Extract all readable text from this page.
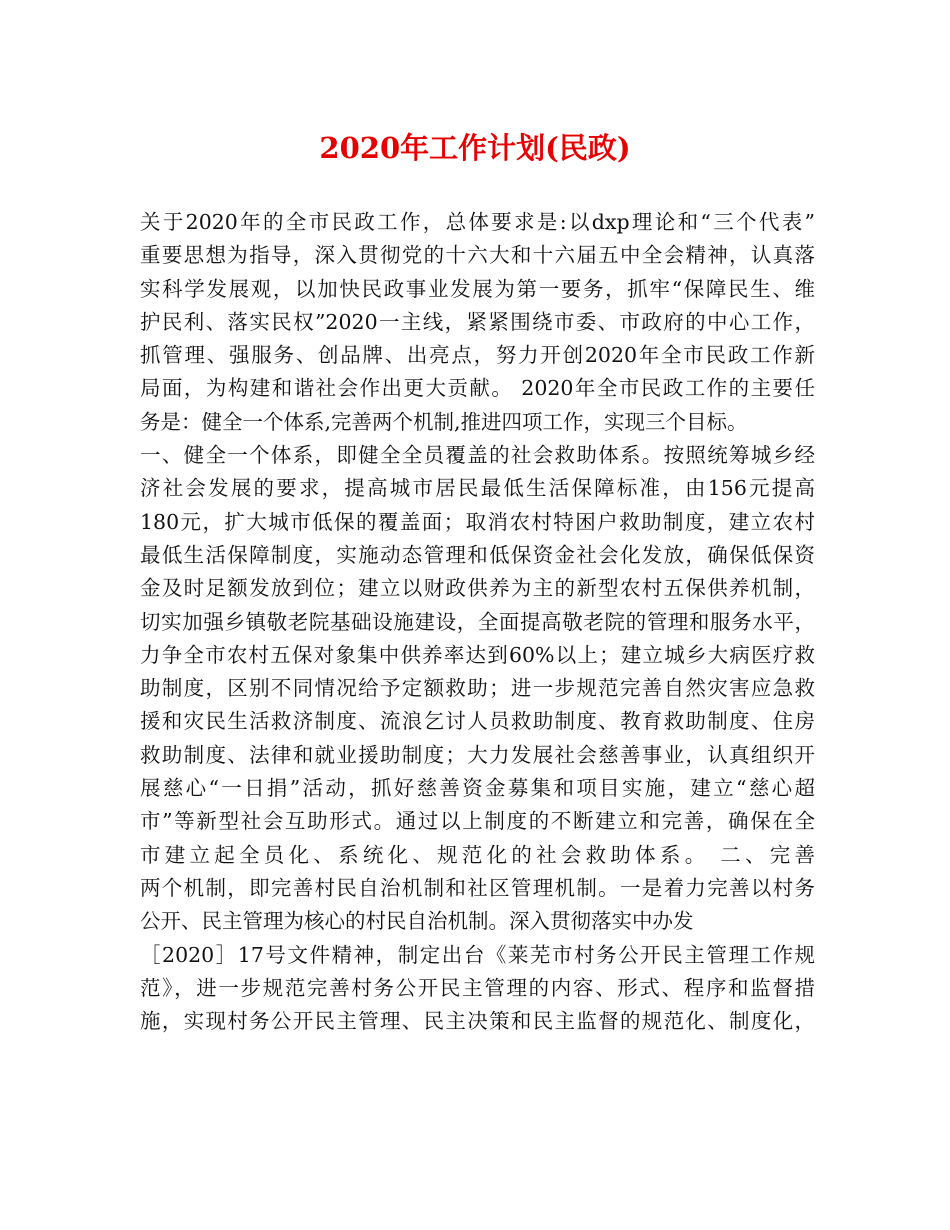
2020年工作计划(民政)
关于2020年的全市民政工作，总体要求是:以dxp理论和“三个代表”
重要思想为指导，深入贯彻党的十六大和十六届五中全会精神，认真落
实科学发展观，以加快民政事业发展为第一要务，抓牢“保障民生、维
护民利、落实民权”2020一主线，紧紧围绕市委、市政府的中心工作，
抓管理、强服务、创品牌、出亮点，努力开创2020年全市民政工作新
局面，为构建和谐社会作出更大贡献。 2020年全市民政工作的主要任
务是：健全一个体系,完善两个机制,推进四项工作，实现三个目标。
一、健全一个体系，即健全全员覆盖的社会救助体系。按照统筹城乡经
济社会发展的要求，提高城市居民最低生活保障标准，由156元提高
180元，扩大城市低保的覆盖面；取消农村特困户救助制度，建立农村
最低生活保障制度，实施动态管理和低保资金社会化发放，确保低保资
金及时足额发放到位；建立以财政供养为主的新型农村五保供养机制，
切实加强乡镇敬老院基础设施建设，全面提高敬老院的管理和服务水平，
力争全市农村五保对象集中供养率达到60%以上；建立城乡大病医疗救
助制度，区别不同情况给予定额救助；进一步规范完善自然灾害应急救
援和灾民生活救济制度、流浪乞讨人员救助制度、教育救助制度、住房
救助制度、法律和就业援助制度；大力发展社会慈善事业，认真组织开
展慈心“一日捐”活动，抓好慈善资金募集和项目实施，建立“慈心超
市”等新型社会互助形式。通过以上制度的不断建立和完善，确保在全
市建立起全员化、系统化、规范化的社会救助体系。 二、完善
两个机制，即完善村民自治机制和社区管理机制。一是着力完善以村务
公开、民主管理为核心的村民自治机制。深入贯彻落实中办发
［2020］17号文件精神，制定出台《莱芜市村务公开民主管理工作规
范》，进一步规范完善村务公开民主管理的内容、形式、程序和监督措
施，实现村务公开民主管理、民主决策和民主监督的规范化、制度化，
